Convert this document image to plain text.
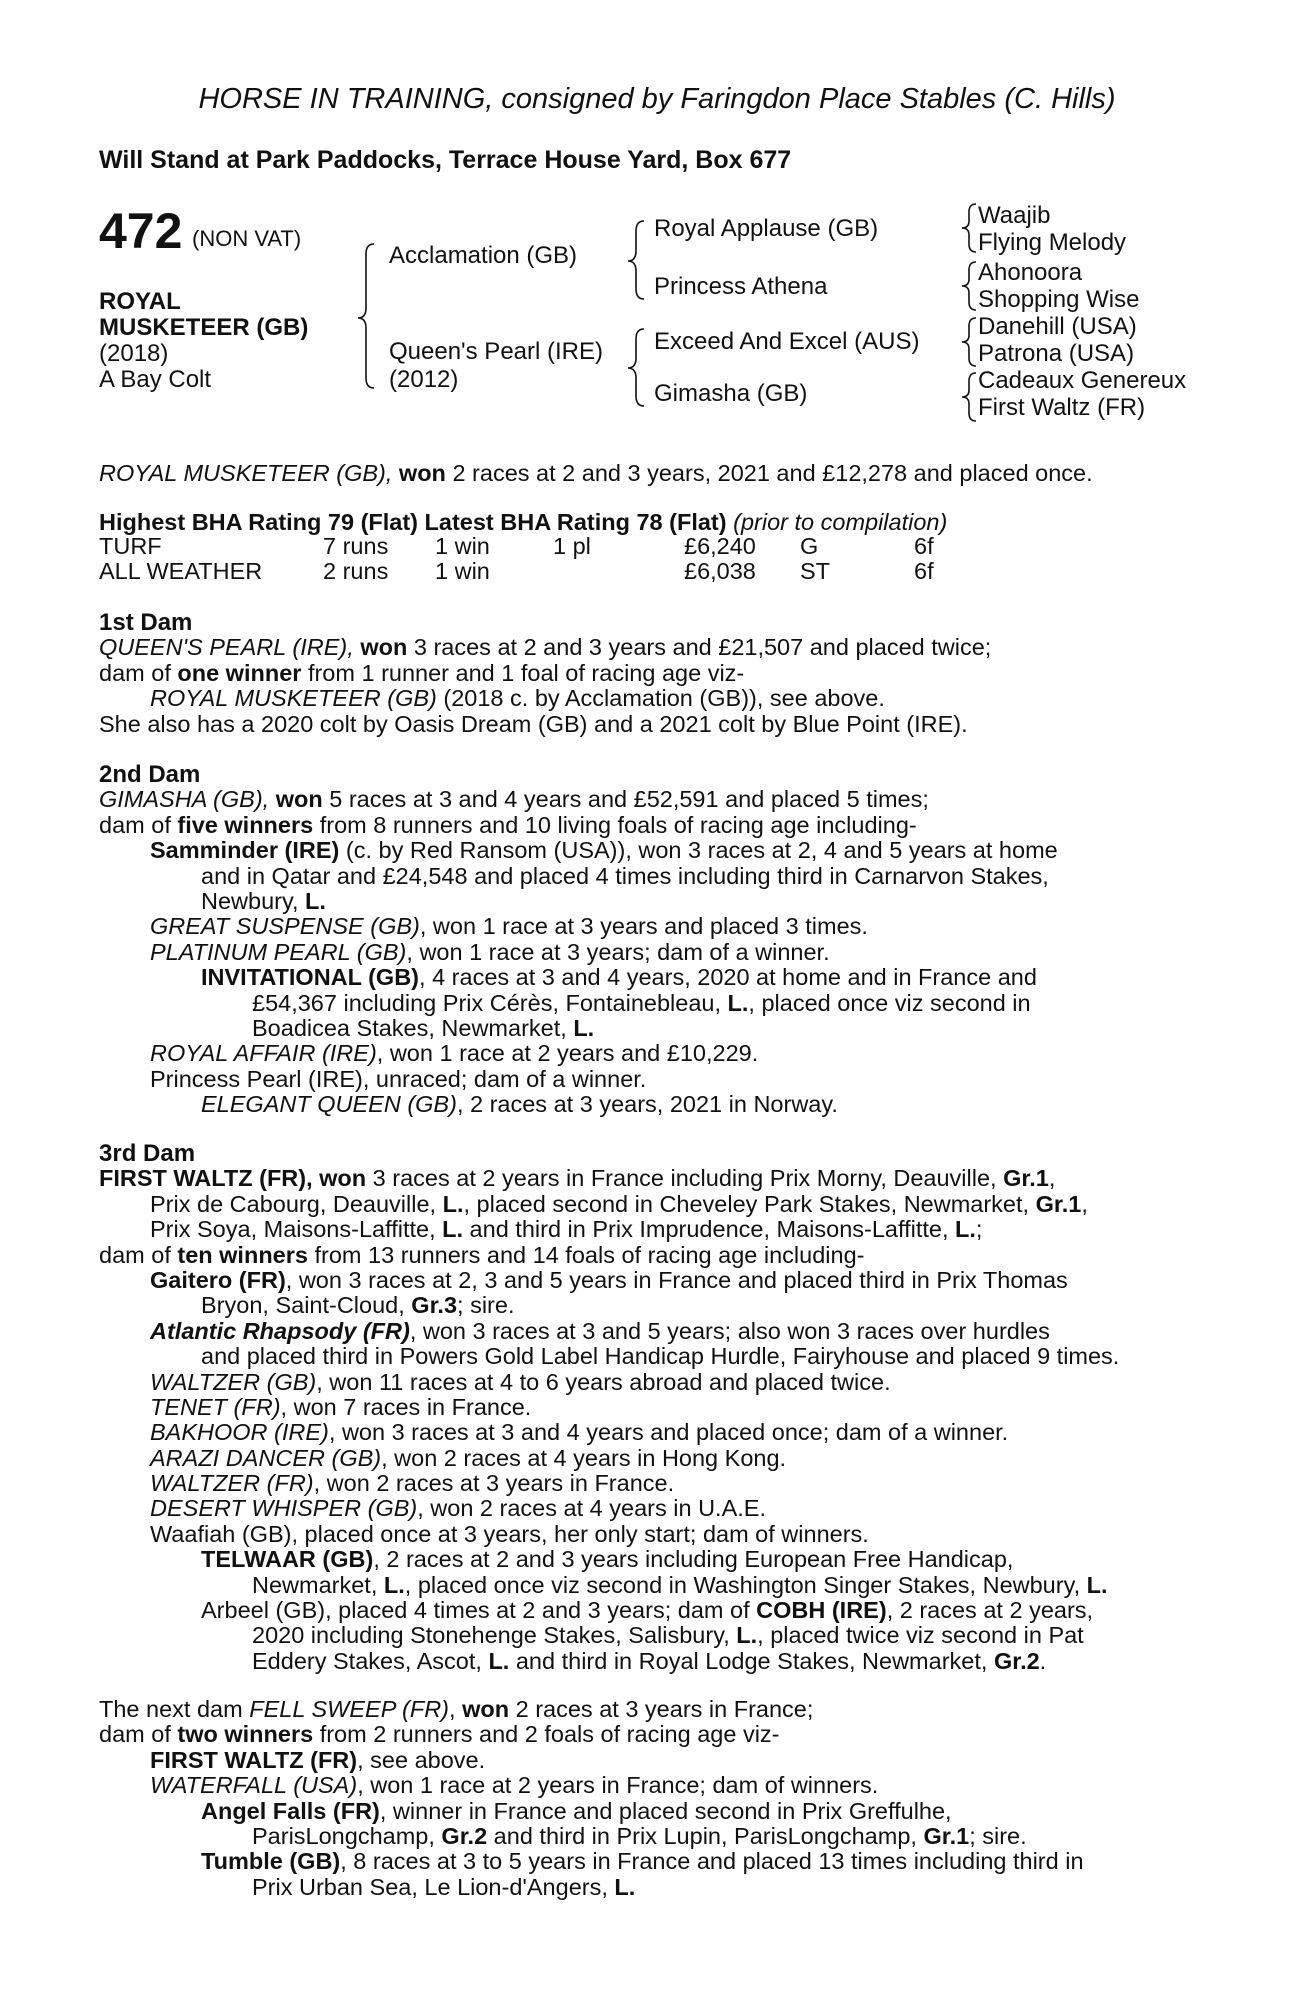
HORSE IN TRAINING, consigned by Faringdon Place Stables (C. Hills)
Will Stand at Park Paddocks, Terrace House Yard, Box 677
472 (NON VAT)
ROYAL
MUSKETEER (GB)
(2018)
A Bay Colt
Acclamation (GB)
Queen's Pearl (IRE)
(2012)
Royal Applause (GB)
Princess Athena
Exceed And Excel (AUS)
Gimasha (GB)
Waajib
Flying Melody
Ahonoora
Shopping Wise
Danehill (USA)
Patrona (USA)
Cadeaux Genereux
First Waltz (FR)
ROYAL MUSKETEER (GB), won 2 races at 2 and 3 years, 2021 and £12,278 and placed once.
Highest BHA Rating 79 (Flat) Latest BHA Rating 78 (Flat) (prior to compilation)
TURF	7 runs	1 win	1 pl	£6,240	G	6f
ALL WEATHER	2 runs	1 win		£6,038	ST	6f
1st Dam
QUEEN'S PEARL (IRE), won 3 races at 2 and 3 years and £21,507 and placed twice;
dam of one winner from 1 runner and 1 foal of racing age viz-
ROYAL MUSKETEER (GB) (2018 c. by Acclamation (GB)), see above.
She also has a 2020 colt by Oasis Dream (GB) and a 2021 colt by Blue Point (IRE).
2nd Dam
GIMASHA (GB), won 5 races at 3 and 4 years and £52,591 and placed 5 times;
dam of five winners from 8 runners and 10 living foals of racing age including-
Samminder (IRE) (c. by Red Ransom (USA)), won 3 races at 2, 4 and 5 years at home
and in Qatar and £24,548 and placed 4 times including third in Carnarvon Stakes,
Newbury, L.
GREAT SUSPENSE (GB), won 1 race at 3 years and placed 3 times.
PLATINUM PEARL (GB), won 1 race at 3 years; dam of a winner.
INVITATIONAL (GB), 4 races at 3 and 4 years, 2020 at home and in France and
£54,367 including Prix Cérès, Fontainebleau, L., placed once viz second in
Boadicea Stakes, Newmarket, L.
ROYAL AFFAIR (IRE), won 1 race at 2 years and £10,229.
Princess Pearl (IRE), unraced; dam of a winner.
ELEGANT QUEEN (GB), 2 races at 3 years, 2021 in Norway.
3rd Dam
FIRST WALTZ (FR), won 3 races at 2 years in France including Prix Morny, Deauville, Gr.1,
Prix de Cabourg, Deauville, L., placed second in Cheveley Park Stakes, Newmarket, Gr.1,
Prix Soya, Maisons-Laffitte, L. and third in Prix Imprudence, Maisons-Laffitte, L.;
dam of ten winners from 13 runners and 14 foals of racing age including-
Gaitero (FR), won 3 races at 2, 3 and 5 years in France and placed third in Prix Thomas
Bryon, Saint-Cloud, Gr.3; sire.
Atlantic Rhapsody (FR), won 3 races at 3 and 5 years; also won 3 races over hurdles
and placed third in Powers Gold Label Handicap Hurdle, Fairyhouse and placed 9 times.
WALTZER (GB), won 11 races at 4 to 6 years abroad and placed twice.
TENET (FR), won 7 races in France.
BAKHOOR (IRE), won 3 races at 3 and 4 years and placed once; dam of a winner.
ARAZI DANCER (GB), won 2 races at 4 years in Hong Kong.
WALTZER (FR), won 2 races at 3 years in France.
DESERT WHISPER (GB), won 2 races at 4 years in U.A.E.
Waafiah (GB), placed once at 3 years, her only start; dam of winners.
TELWAAR (GB), 2 races at 2 and 3 years including European Free Handicap,
Newmarket, L., placed once viz second in Washington Singer Stakes, Newbury, L.
Arbeel (GB), placed 4 times at 2 and 3 years; dam of COBH (IRE), 2 races at 2 years,
2020 including Stonehenge Stakes, Salisbury, L., placed twice viz second in Pat
Eddery Stakes, Ascot, L. and third in Royal Lodge Stakes, Newmarket, Gr.2.
The next dam FELL SWEEP (FR), won 2 races at 3 years in France;
dam of two winners from 2 runners and 2 foals of racing age viz-
FIRST WALTZ (FR), see above.
WATERFALL (USA), won 1 race at 2 years in France; dam of winners.
Angel Falls (FR), winner in France and placed second in Prix Greffulhe,
ParisLongchamp, Gr.2 and third in Prix Lupin, ParisLongchamp, Gr.1; sire.
Tumble (GB), 8 races at 3 to 5 years in France and placed 13 times including third in
Prix Urban Sea, Le Lion-d'Angers, L.
